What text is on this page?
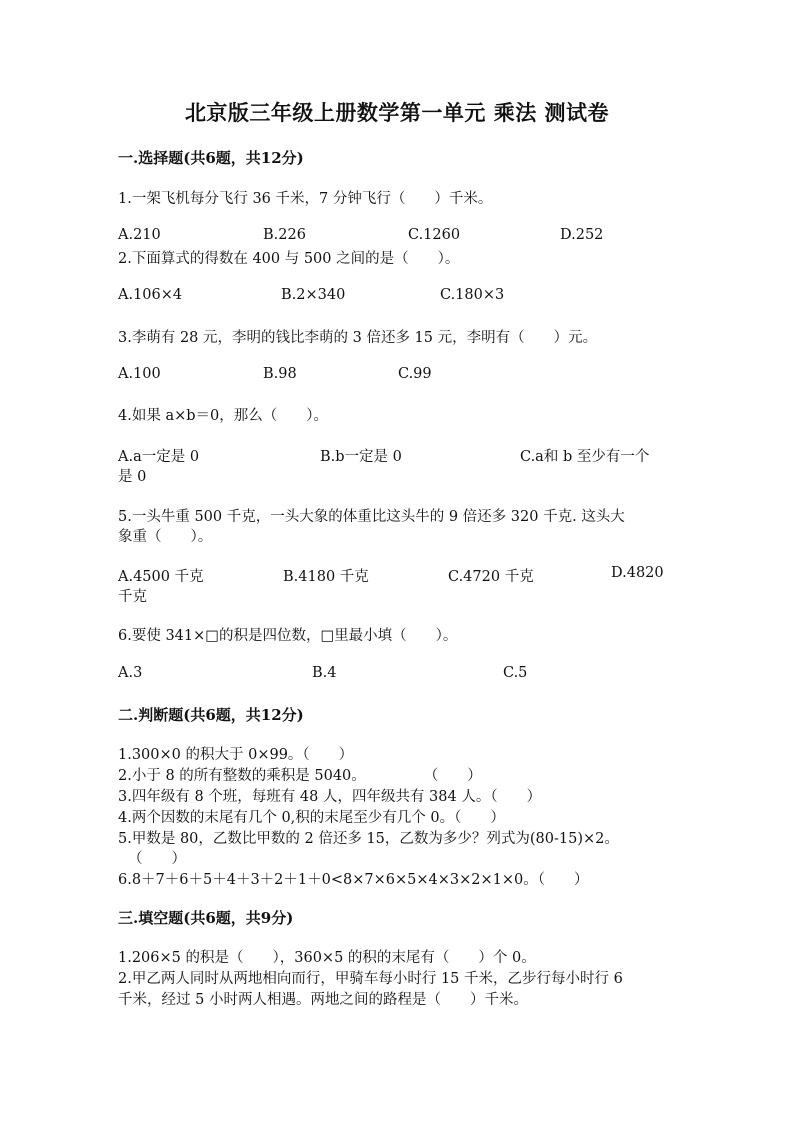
北京版三年级上册数学第一单元 乘法 测试卷
一.选择题(共6题，共12分)
1.一架飞机每分飞行 36 千米，7 分钟飞行（　　）千米。
A.210	B.226	C.1260	D.252
2.下面算式的得数在 400 与 500 之间的是（　　）。
A.106×4	B.2×340	C.180×3
3.李萌有 28 元，李明的钱比李萌的 3 倍还多 15 元，李明有（　　）元。
A.100	B.98	C.99
4.如果 a×b＝0，那么（　　）。
A.a一定是 0	B.b一定是 0	C.a和 b 至少有一个
是 0
5.一头牛重 500 千克，一头大象的体重比这头牛的 9 倍还多 320 千克. 这头大
象重（　　）。
A.4500 千克	B.4180 千克	C.4720 千克	D.4820
千克
6.要使 341×□的积是四位数，□里最小填（　　）。
A.3	B.4	C.5
二.判断题(共6题，共12分)
1.300×0 的积大于 0×99。（　　）
2.小于 8 的所有整数的乘积是 5040。　　　　　（　　）
3.四年级有 8 个班，每班有 48 人，四年级共有 384 人。（　　）
4.两个因数的末尾有几个 0,积的末尾至少有几个 0。（　　）
5.甲数是 80，乙数比甲数的 2 倍还多 15，乙数为多少？列式为(80-15)×2。
（　　）
6.8＋7＋6＋5＋4＋3＋2＋1＋0<8×7×6×5×4×3×2×1×0。（　　）
三.填空题(共6题，共9分)
1.206×5 的积是（　　），360×5 的积的末尾有（　　）个 0。
2.甲乙两人同时从两地相向而行，甲骑车每小时行 15 千米，乙步行每小时行 6
千米，经过 5 小时两人相遇。两地之间的路程是（　　）千米。
